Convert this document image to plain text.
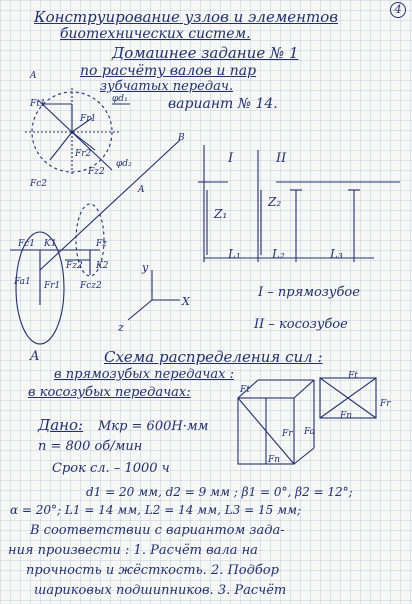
4
Конструирование узлов и элементов
биотехнических систем.
Домашнее задание № 1
по расчёту валов и пар
зубчатых передач.
вариант № 14.
A
Ft1	φd₁
Fr1
Fr2
Fz2
Fc2
φd₂
B
A
Fc1 K1
Fa1 Fr1
Fz
Fz2 K2
Fcz2
y
X
z
I	II
Z₁
Z₂
L₁	L₂	L₃
I – прямозубое
II – косозубое
A	Схема распределения сил :
в прямозубых передачах :
в косозубых передачах:
Ft
Fr
Fn
Ft
Fa
Fr
Fn
Дано: Мкр = 600Н·мм
n = 800 об/мин
Срок сл. – 1000 ч
d1 = 20 мм, d2 = 9 мм ; β1 = 0°, β2 = 12°;
α = 20°; L1 = 14 мм, L2 = 14 мм, L3 = 15 мм;
В соответствии с вариантом зада-
ния произвести : 1. Расчёт вала на
прочность и жёсткость. 2. Подбор
шариковых подшипников. 3. Расчёт
